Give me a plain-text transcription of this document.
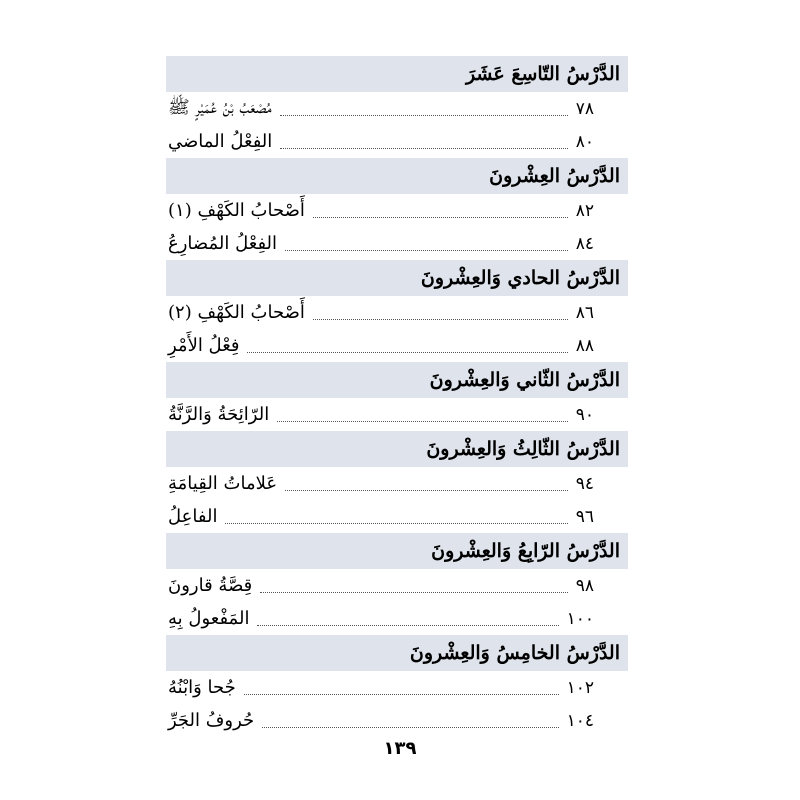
الدَّرْسُ التّاسِعَ عَشَرَ
مُصْعَبُ بْنُ عُمَيْرٍ ﷺ	٧٨
الفِعْلُ الماضي	٨٠
الدَّرْسُ العِشْرونَ
أَصْحابُ الكَهْفِ (١)	٨٢
الفِعْلُ المُضارِعُ	٨٤
الدَّرْسُ الحادي وَالعِشْرونَ
أَصْحابُ الكَهْفِ (٢)	٨٦
فِعْلُ الأَمْرِ	٨٨
الدَّرْسُ الثّاني وَالعِشْرونَ
الرّائِحَةُ وَالرَّنَّةُ	٩٠
الدَّرْسُ الثّالِثُ وَالعِشْرونَ
عَلاماتُ القِيامَةِ	٩٤
الفاعِلُ	٩٦
الدَّرْسُ الرّابِعُ وَالعِشْرونَ
قِصَّةُ قارونَ	٩٨
المَفْعولُ بِهِ	١٠٠
الدَّرْسُ الخامِسُ وَالعِشْرونَ
جُحا وَابْنُهُ	١٠٢
حُروفُ الجَرِّ	١٠٤
١٣٩
